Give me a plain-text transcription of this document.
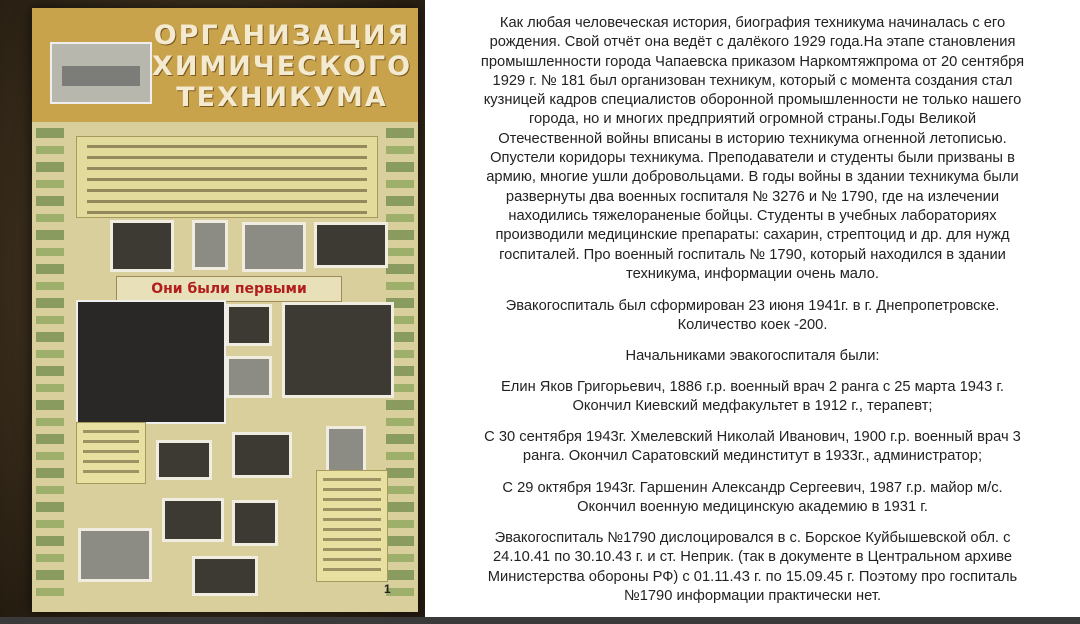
ОРГАНИЗАЦИЯ
ХИМИЧЕСКОГО
ТЕХНИКУМА
Они были первыми
1

Как любая человеческая история, биография техникума начиналась с его
рождения. Свой отчёт она ведёт с далёкого 1929 года.На этапе становления
промышленности города Чапаевска приказом Наркомтяжпрома от 20 сентября
1929 г. № 181 был организован техникум, который с момента создания стал
кузницей кадров специалистов оборонной промышленности не только нашего
города, но и многих предприятий огромной страны.Годы Великой
Отечественной войны вписаны в историю техникума огненной летописью.
Опустели коридоры техникума. Преподаватели и студенты были призваны в
армию, многие ушли добровольцами. В годы войны в здании техникума были
развернуты два военных госпиталя № 3276 и № 1790, где на излечении
находились тяжелораненые бойцы. Студенты в учебных лабораториях
производили медицинские препараты: сахарин, стрептоцид и др. для нужд
госпиталей. Про военный госпиталь № 1790, который находился в здании
техникума, информации очень мало.

Эвакогоспиталь был сформирован 23 июня 1941г. в г. Днепропетровске.
Количество коек -200.

Начальниками эвакогоспиталя были:

Елин Яков Григорьевич, 1886 г.р. военный врач 2 ранга с 25 марта 1943 г.
Окончил Киевский медфакультет в 1912 г., терапевт;

С 30 сентября 1943г. Хмелевский Николай Иванович, 1900 г.р. военный врач 3
ранга. Окончил Саратовский мединститут в 1933г., администратор;

С 29 октября 1943г. Гаршенин Александр Сергеевич, 1987 г.р. майор м/с.
Окончил военную медицинскую академию в 1931 г.

Эвакогоспиталь №1790 дислоцировался в с. Борское Куйбышевской обл. с
24.10.41 по 30.10.43 г. и ст. Неприк. (так в документе в Центральном архиве
Министерства обороны РФ) с 01.11.43 г. по 15.09.45 г. Поэтому про госпиталь
№1790 информации практически нет.
